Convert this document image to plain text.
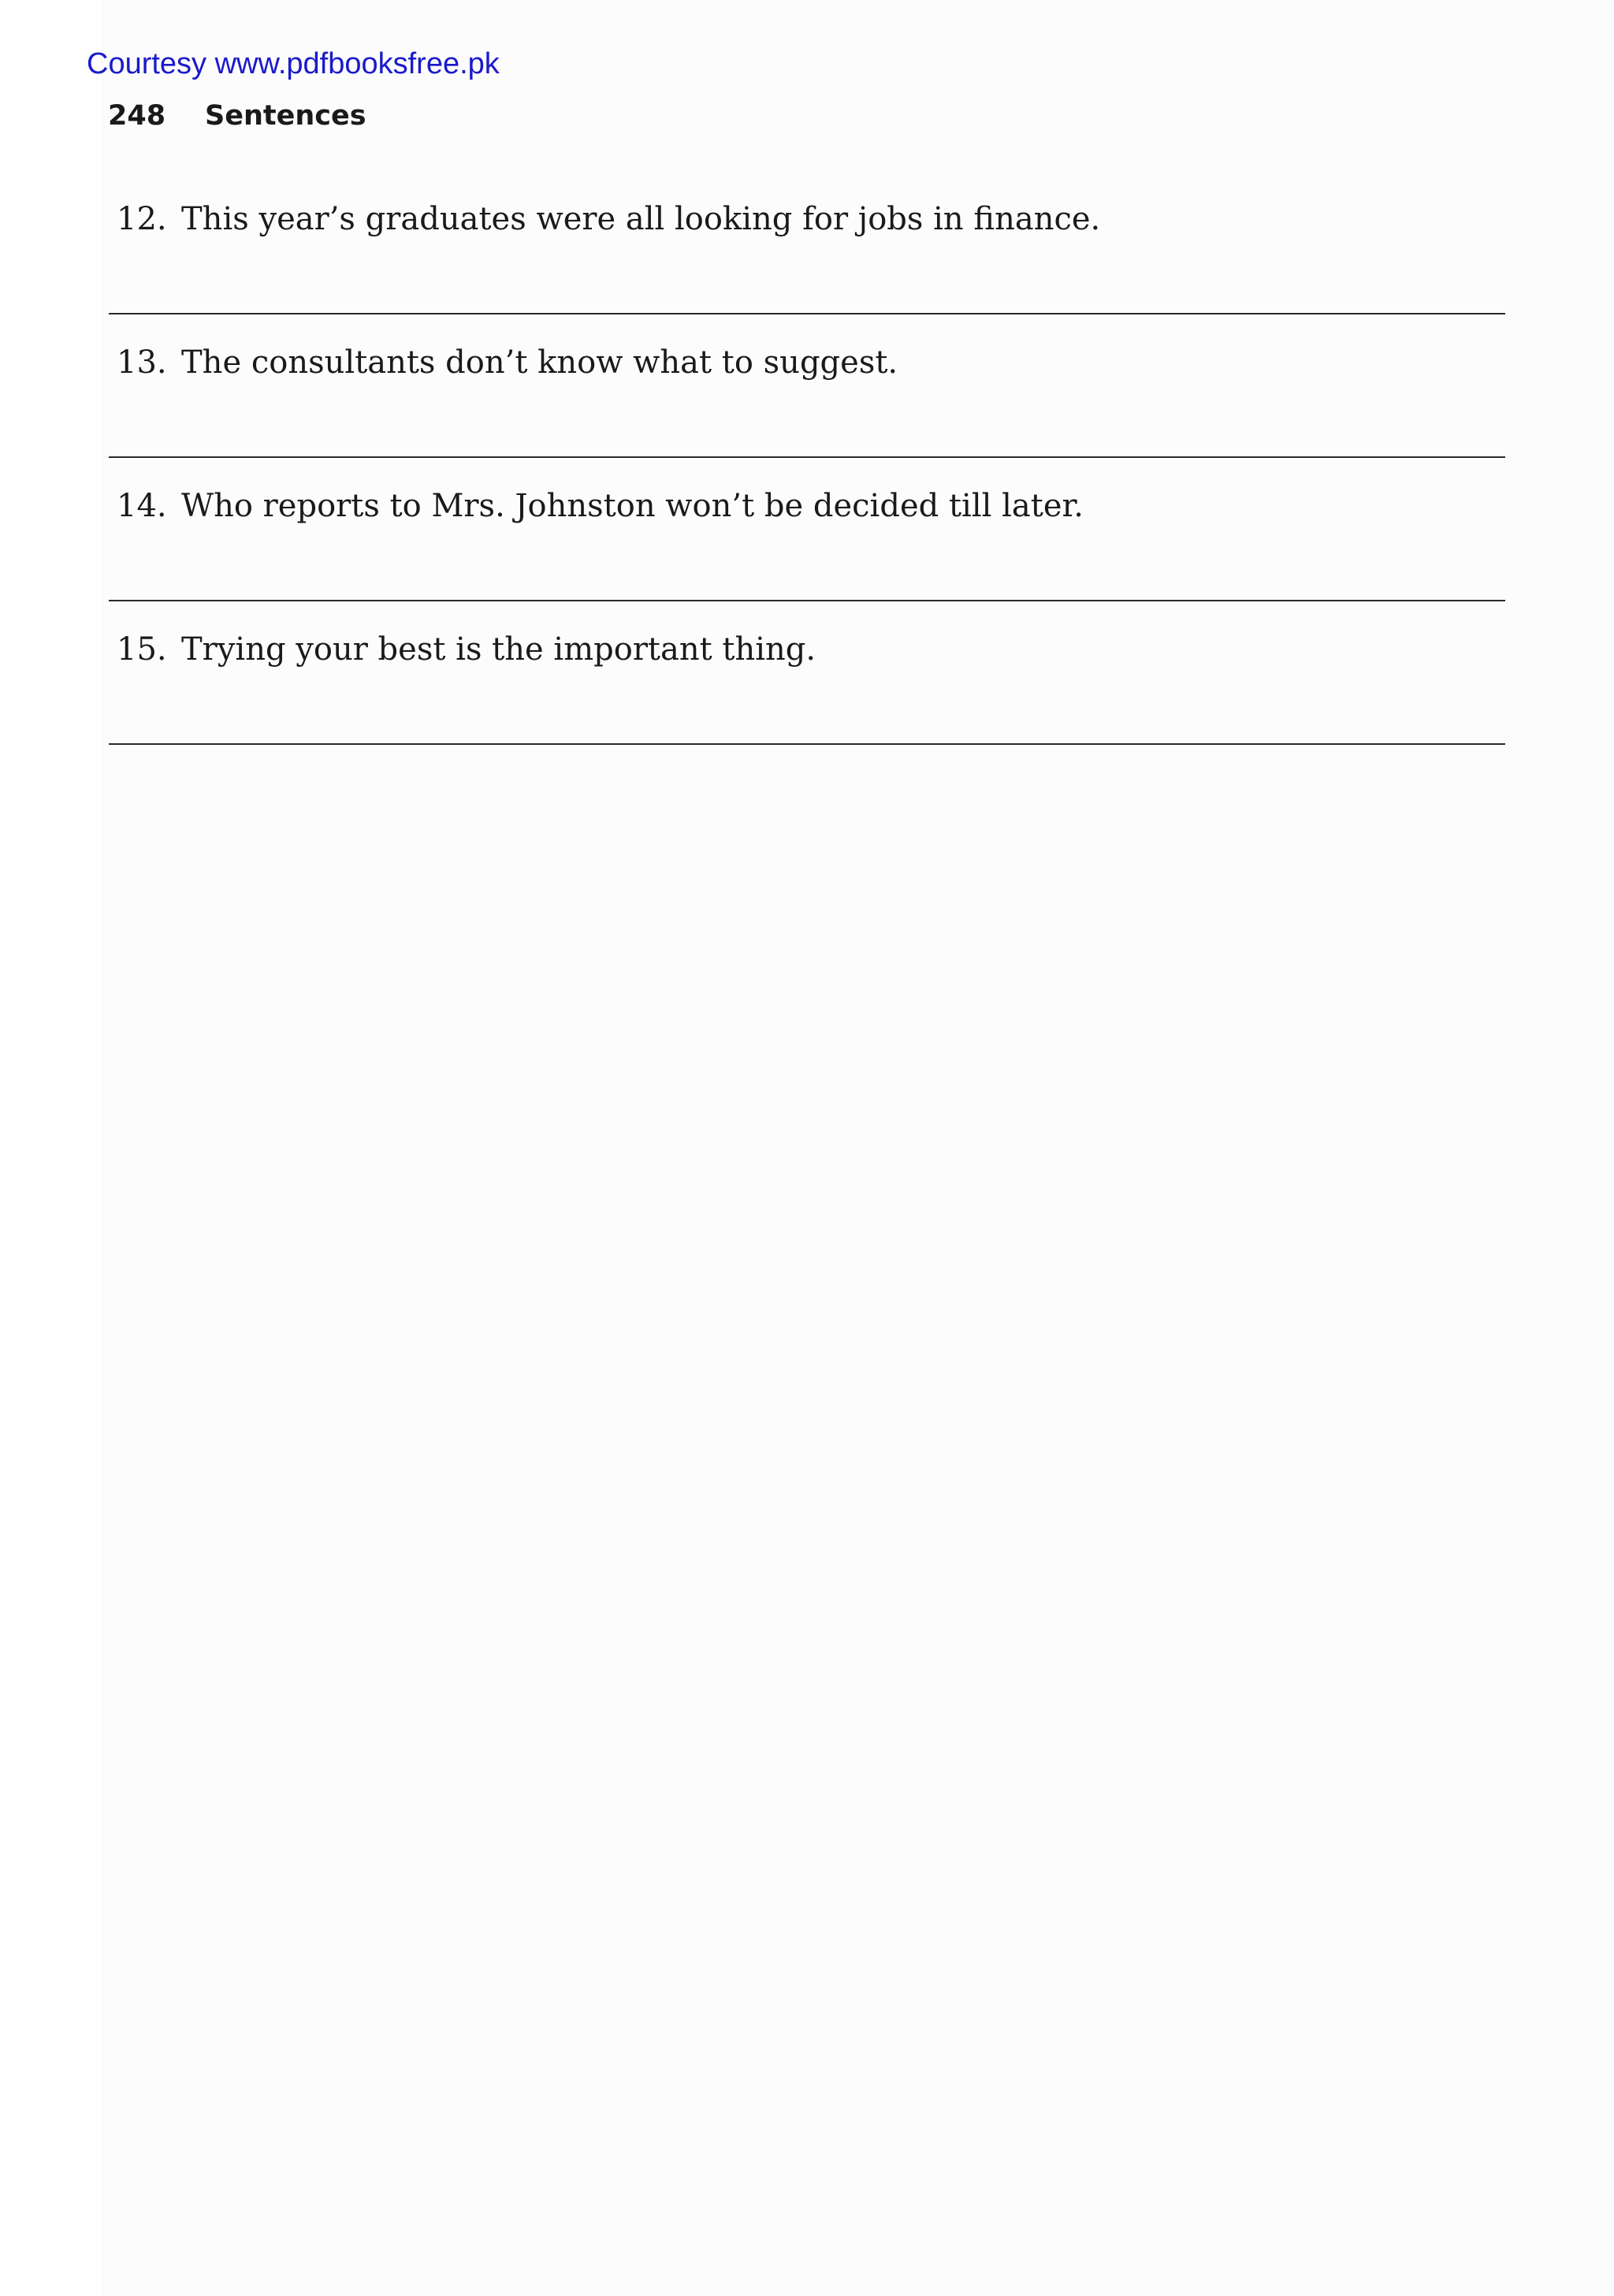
Courtesy www.pdfbooksfree.pk
248 Sentences
12. This year’s graduates were all looking for jobs in finance.
13. The consultants don’t know what to suggest.
14. Who reports to Mrs. Johnston won’t be decided till later.
15. Trying your best is the important thing.
